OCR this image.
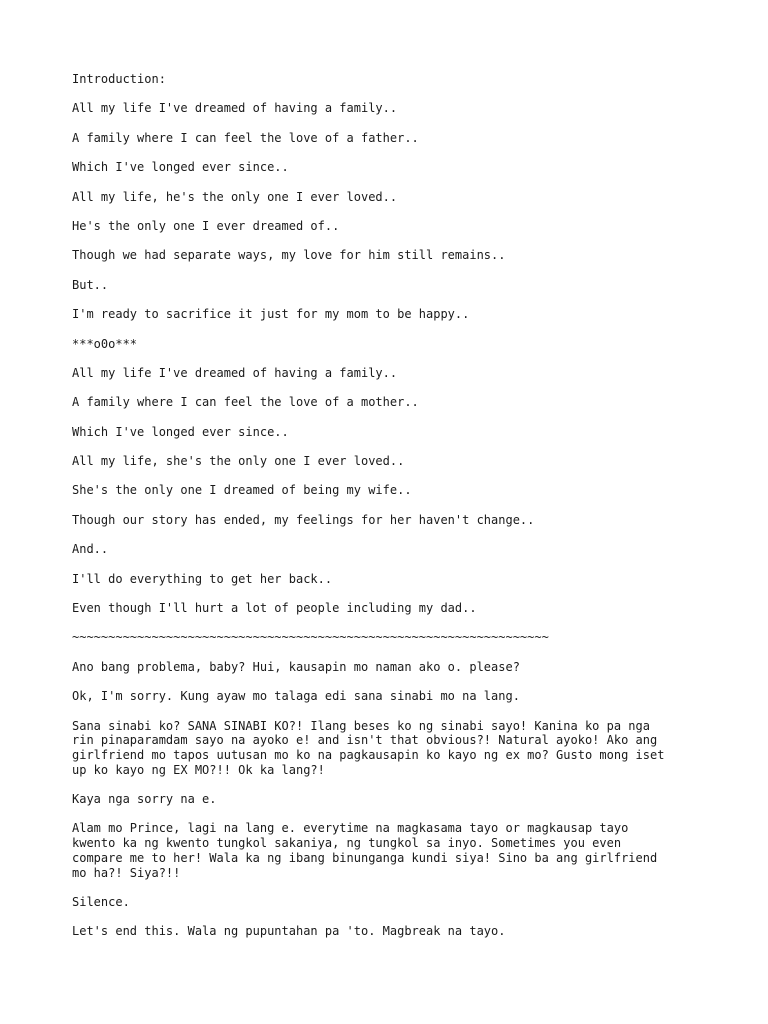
Introduction:

All my life I've dreamed of having a family..

A family where I can feel the love of a father..

Which I've longed ever since..

All my life, he's the only one I ever loved..

He's the only one I ever dreamed of..

Though we had separate ways, my love for him still remains..

But..

I'm ready to sacrifice it just for my mom to be happy..

***o0o***

All my life I've dreamed of having a family..

A family where I can feel the love of a mother..

Which I've longed ever since..

All my life, she's the only one I ever loved..

She's the only one I dreamed of being my wife..

Though our story has ended, my feelings for her haven't change..

And..

I'll do everything to get her back..

Even though I'll hurt a lot of people including my dad..

~~~~~~~~~~~~~~~~~~~~~~~~~~~~~~~~~~~~~~~~~~~~~~~~~~~~~~~~~~~~~~~~~~

Ano bang problema, baby? Hui, kausapin mo naman ako o. please?

Ok, I'm sorry. Kung ayaw mo talaga edi sana sinabi mo na lang.

Sana sinabi ko? SANA SINABI KO?! Ilang beses ko ng sinabi sayo! Kanina ko pa nga
rin pinaparamdam sayo na ayoko e! and isn't that obvious?! Natural ayoko! Ako ang
girlfriend mo tapos uutusan mo ko na pagkausapin ko kayo ng ex mo? Gusto mong iset
up ko kayo ng EX MO?!! Ok ka lang?!

Kaya nga sorry na e.

Alam mo Prince, lagi na lang e. everytime na magkasama tayo or magkausap tayo
kwento ka ng kwento tungkol sakaniya, ng tungkol sa inyo. Sometimes you even
compare me to her! Wala ka ng ibang binunganga kundi siya! Sino ba ang girlfriend
mo ha?! Siya?!!

Silence.

Let's end this. Wala ng pupuntahan pa 'to. Magbreak na tayo.
